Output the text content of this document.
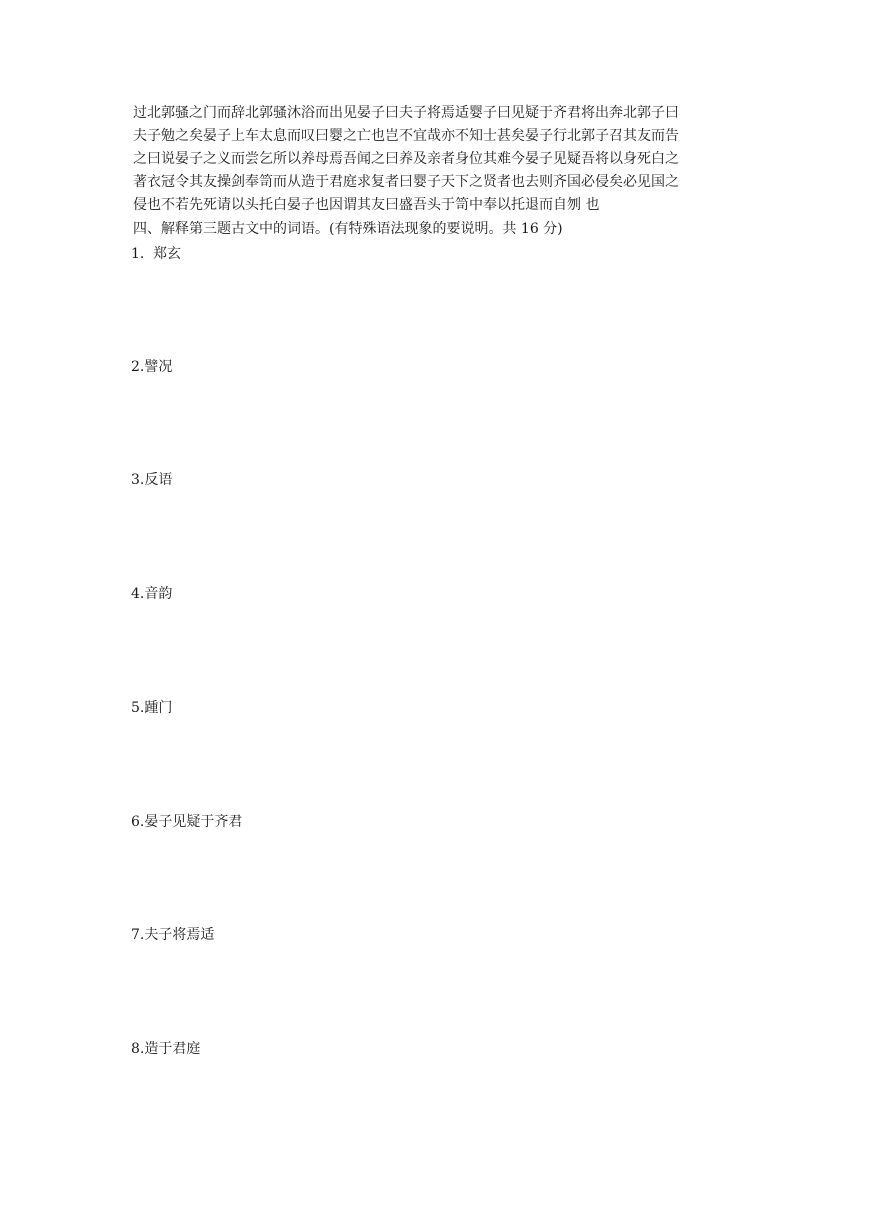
过北郭骚之门而辞北郭骚沐浴而出见晏子曰夫子将焉适婴子曰见疑于齐君将出奔北郭子曰
夫子勉之矣晏子上车太息而叹曰婴之亡也岂不宜哉亦不知士甚矣晏子行北郭子召其友而告
之曰说晏子之义而尝乞所以养母焉吾闻之曰养及亲者身位其难今晏子见疑吾将以身死白之
著衣冠令其友操剑奉笥而从造于君庭求复者曰婴子天下之贤者也去则齐国必侵矣必见国之
侵也不若先死请以头托白晏子也因谓其友曰盛吾头于笥中奉以托退而自刎 也
四、解释第三题古文中的词语。(有特殊语法现象的要说明。共 16 分)
1. 郑玄
2.譬况
3.反语
4.音韵
5.踵门
6.晏子见疑于齐君
7.夫子将焉适
8.造于君庭
